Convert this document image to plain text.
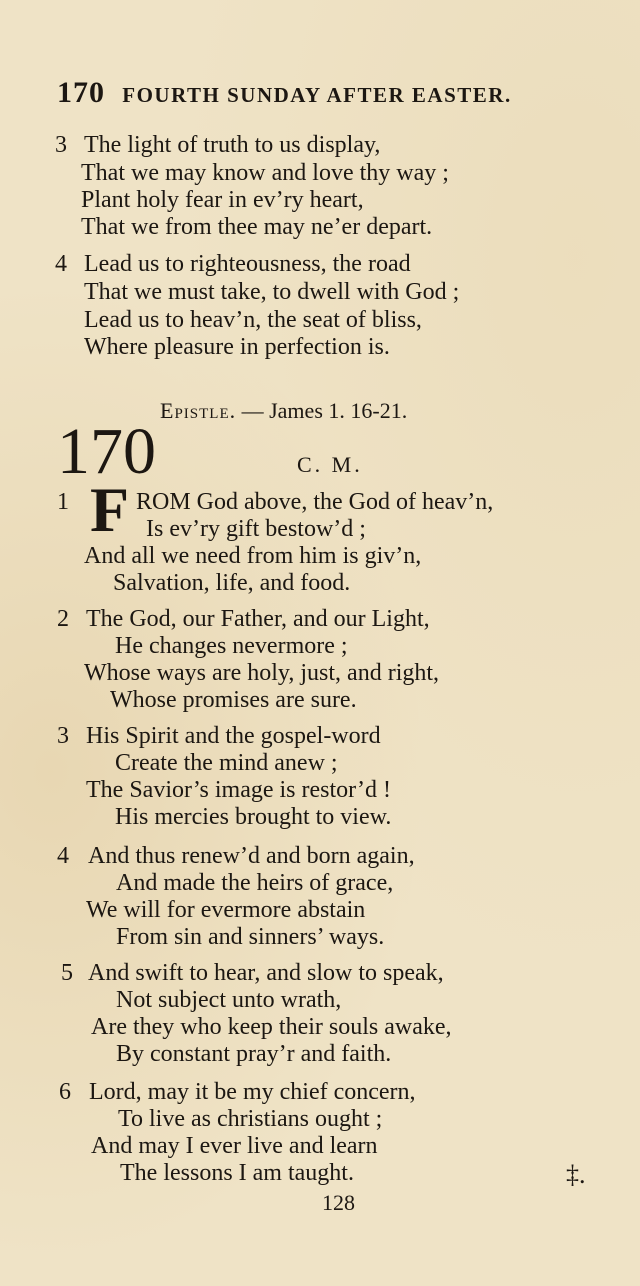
170 FOURTH SUNDAY AFTER EASTER.
3 The light of truth to us display,
That we may know and love thy way ;
Plant holy fear in ev’ry heart,
That we from thee may ne’er depart.
4 Lead us to righteousness, the road
That we must take, to dwell with God ;
Lead us to heav’n, the seat of bliss,
Where pleasure in perfection is.
Epistle. — James 1. 16-21.
170	C. M.
1 F ROM God above, the God of heav’n,
Is ev’ry gift bestow’d ;
And all we need from him is giv’n,
Salvation, life, and food.
2 The God, our Father, and our Light,
He changes nevermore ;
Whose ways are holy, just, and right,
Whose promises are sure.
3 His Spirit and the gospel-word
Create the mind anew ;
The Savior’s image is restor’d !
His mercies brought to view.
4 And thus renew’d and born again,
And made the heirs of grace,
We will for evermore abstain
From sin and sinners’ ways.
5 And swift to hear, and slow to speak,
Not subject unto wrath,
Are they who keep their souls awake,
By constant pray’r and faith.
6 Lord, may it be my chief concern,
To live as christians ought ;
And may I ever live and learn
The lessons I am taught.	‡.
128
